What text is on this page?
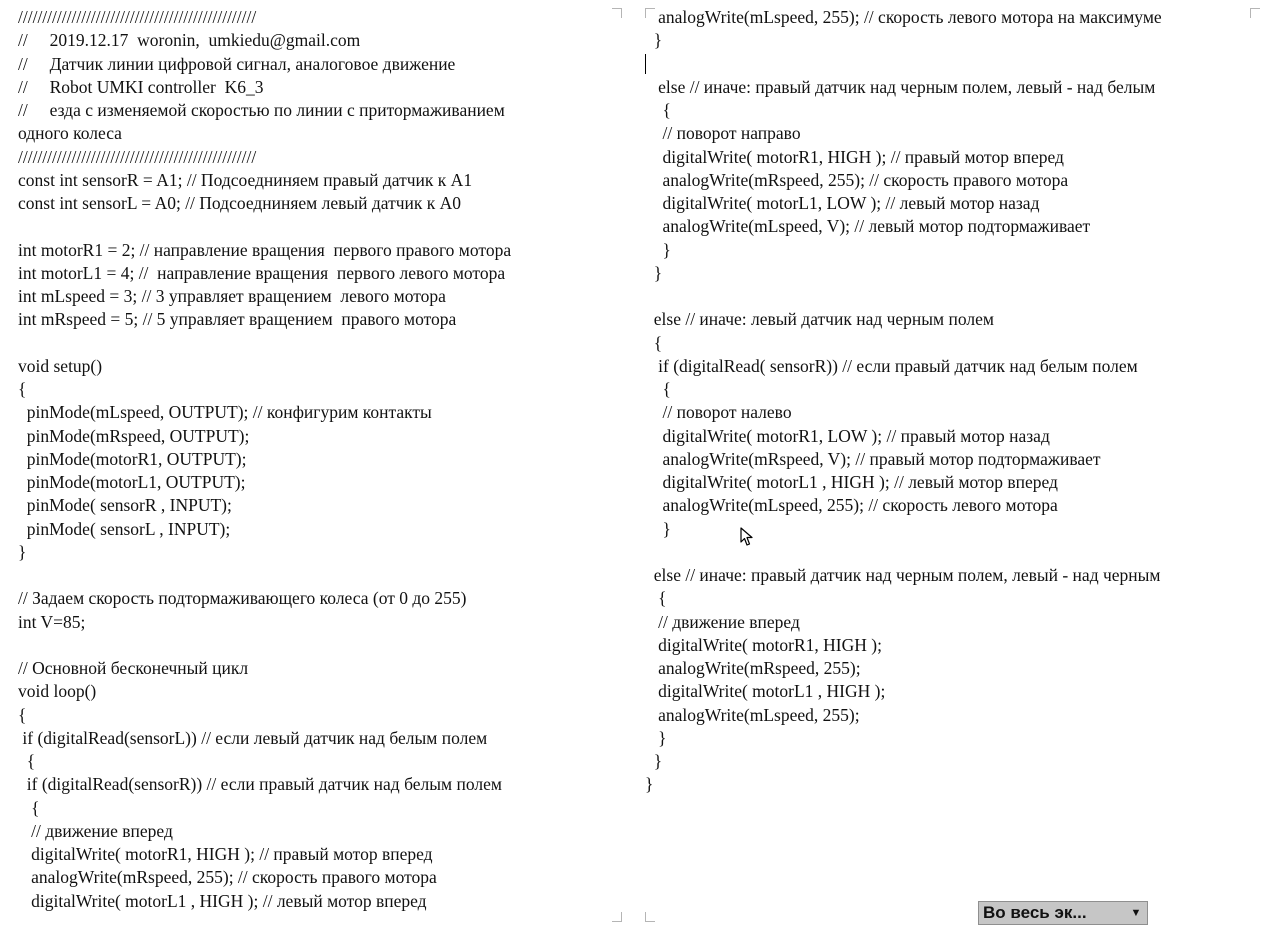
/////////////////////////////////////////////////
//     2019.12.17  woronin,  umkiedu@gmail.com
//     Датчик линии цифровой сигнал, аналоговое движение
//     Robot UMKI controller  K6_3
//     езда с изменяемой скоростью по линии с притормаживанием
одного колеса
/////////////////////////////////////////////////
const int sensorR = A1; // Подсоедниняем правый датчик к A1
const int sensorL = A0; // Подсоедниняем левый датчик к A0
int motorR1 = 2; // направление вращения  первого правого мотора
int motorL1 = 4; //  направление вращения  первого левого мотора
int mLspeed = 3; // 3 управляет вращением  левого мотора
int mRspeed = 5; // 5 управляет вращением  правого мотора
void setup()
{
pinMode(mLspeed, OUTPUT); // конфигурим контакты
pinMode(mRspeed, OUTPUT);
pinMode(motorR1, OUTPUT);
pinMode(motorL1, OUTPUT);
pinMode( sensorR , INPUT);
pinMode( sensorL , INPUT);
}
// Задаем скорость подтормаживающего колеса (от 0 до 255)
int V=85;
// Основной бесконечный цикл
void loop()
{
if (digitalRead(sensorL)) // если левый датчик над белым полем
{
if (digitalRead(sensorR)) // если правый датчик над белым полем
{
// движение вперед
digitalWrite( motorR1, HIGH ); // правый мотор вперед
analogWrite(mRspeed, 255); // скорость правого мотора
digitalWrite( motorL1 , HIGH ); // левый мотор вперед
analogWrite(mLspeed, 255); // скорость левого мотора на максимуме
}
else // иначе: правый датчик над черным полем, левый - над белым
{
// поворот направо
digitalWrite( motorR1, HIGH ); // правый мотор вперед
analogWrite(mRspeed, 255); // скорость правого мотора
digitalWrite( motorL1, LOW ); // левый мотор назад
analogWrite(mLspeed, V); // левый мотор подтормаживает
}
}
else // иначе: левый датчик над черным полем
{
if (digitalRead( sensorR)) // если правый датчик над белым полем
{
// поворот налево
digitalWrite( motorR1, LOW ); // правый мотор назад
analogWrite(mRspeed, V); // правый мотор подтормаживает
digitalWrite( motorL1 , HIGH ); // левый мотор вперед
analogWrite(mLspeed, 255); // скорость левого мотора
}
else // иначе: правый датчик над черным полем, левый - над черным
{
// движение вперед
digitalWrite( motorR1, HIGH );
analogWrite(mRspeed, 255);
digitalWrite( motorL1 , HIGH );
analogWrite(mLspeed, 255);
}
}
}
Во весь эк...	▼
